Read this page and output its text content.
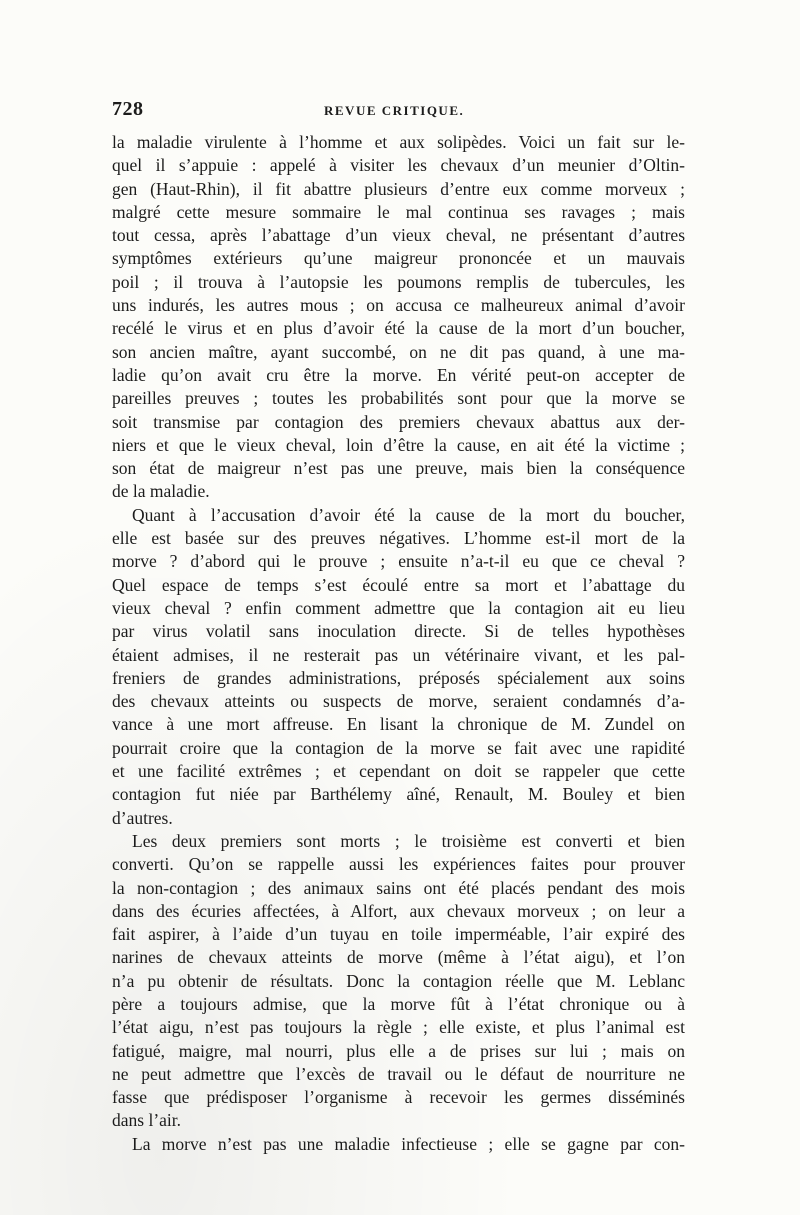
728	REVUE CRITIQUE.
la maladie virulente à l’homme et aux solipèdes. Voici un fait sur le-
quel il s’appuie : appelé à visiter les chevaux d’un meunier d’Oltin-
gen (Haut-Rhin), il fit abattre plusieurs d’entre eux comme morveux ;
malgré cette mesure sommaire le mal continua ses ravages ; mais
tout cessa, après l’abattage d’un vieux cheval, ne présentant d’autres
symptômes extérieurs qu’une maigreur prononcée et un mauvais
poil ; il trouva à l’autopsie les poumons remplis de tubercules, les
uns indurés, les autres mous ; on accusa ce malheureux animal d’avoir
recélé le virus et en plus d’avoir été la cause de la mort d’un boucher,
son ancien maître, ayant succombé, on ne dit pas quand, à une ma-
ladie qu’on avait cru être la morve. En vérité peut-on accepter de
pareilles preuves ; toutes les probabilités sont pour que la morve se
soit transmise par contagion des premiers chevaux abattus aux der-
niers et que le vieux cheval, loin d’être la cause, en ait été la victime ;
son état de maigreur n’est pas une preuve, mais bien la conséquence
de la maladie.
Quant à l’accusation d’avoir été la cause de la mort du boucher,
elle est basée sur des preuves négatives. L’homme est-il mort de la
morve ? d’abord qui le prouve ; ensuite n’a-t-il eu que ce cheval ?
Quel espace de temps s’est écoulé entre sa mort et l’abattage du
vieux cheval ? enfin comment admettre que la contagion ait eu lieu
par virus volatil sans inoculation directe. Si de telles hypothèses
étaient admises, il ne resterait pas un vétérinaire vivant, et les pal-
freniers de grandes administrations, préposés spécialement aux soins
des chevaux atteints ou suspects de morve, seraient condamnés d’a-
vance à une mort affreuse. En lisant la chronique de M. Zundel on
pourrait croire que la contagion de la morve se fait avec une rapidité
et une facilité extrêmes ; et cependant on doit se rappeler que cette
contagion fut niée par Barthélemy aîné, Renault, M. Bouley et bien
d’autres.
Les deux premiers sont morts ; le troisième est converti et bien
converti. Qu’on se rappelle aussi les expériences faites pour prouver
la non-contagion ; des animaux sains ont été placés pendant des mois
dans des écuries affectées, à Alfort, aux chevaux morveux ; on leur a
fait aspirer, à l’aide d’un tuyau en toile imperméable, l’air expiré des
narines de chevaux atteints de morve (même à l’état aigu), et l’on
n’a pu obtenir de résultats. Donc la contagion réelle que M. Leblanc
père a toujours admise, que la morve fût à l’état chronique ou à
l’état aigu, n’est pas toujours la règle ; elle existe, et plus l’animal est
fatigué, maigre, mal nourri, plus elle a de prises sur lui ; mais on
ne peut admettre que l’excès de travail ou le défaut de nourriture ne
fasse que prédisposer l’organisme à recevoir les germes disséminés
dans l’air.
La morve n’est pas une maladie infectieuse ; elle se gagne par con-
